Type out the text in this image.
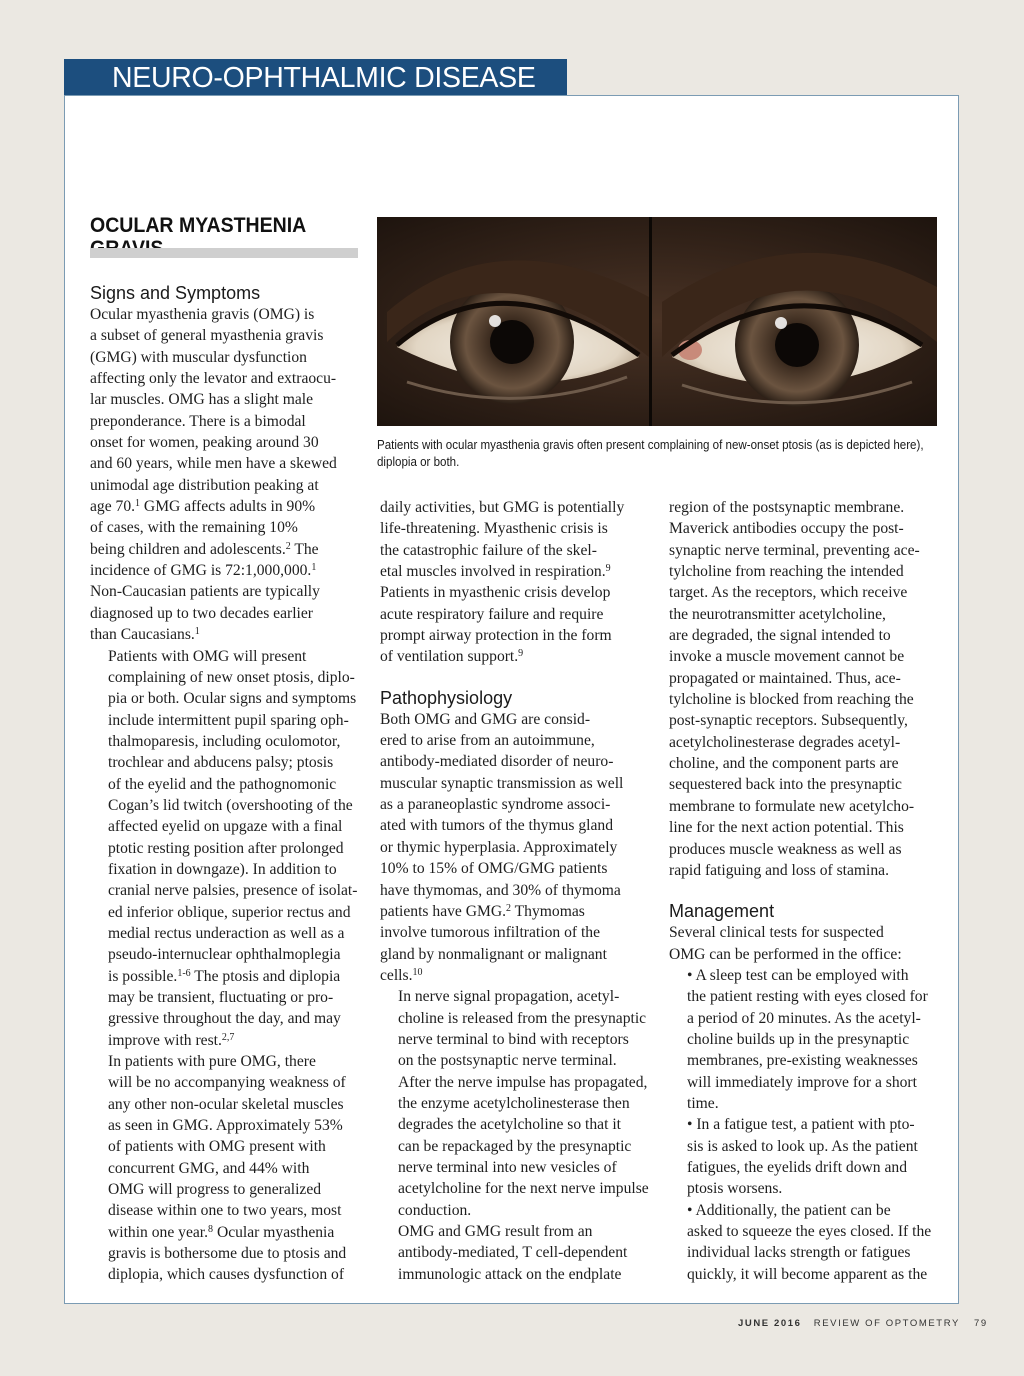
NEURO-OPHTHALMIC DISEASE
OCULAR MYASTHENIA
Patients with ocular myasthenia gravis often present complaining of new-onset ptosis (as is depicted here),
diplopia or both.
Signs and Symptoms

Ocular myasthenia gravis (OMG) is
a subset of general myasthenia gravis
(GMG) with muscular dysfunction
affecting only the levator and extraocu-
lar muscles. OMG has a slight male
preponderance. There is a bimodal
onset for women, peaking around 30
and 60 years, while men have a skewed
unimodal age distribution peaking at
age 70.$^1$ GMG affects adults in 90%
of cases, with the remaining 10%
being children and adolescents.$^2$ The
incidence of GMG is 72:1,000,000.$^1$
Non-Caucasian patients are typically
diagnosed up to two decades earlier
than Caucasians.$^1$

Patients with OMG will present
complaining of new onset ptosis, diplo-
pia or both. Ocular signs and symptoms
include intermittent pupil sparing oph-
thalmoparesis, including oculomotor,
trochlear and abducens palsy; ptosis
of the eyelid and the pathognomonic
Cogan’s lid twitch (overshooting of the
affected eyelid on upgaze with a final
ptotic resting position after prolonged
fixation in downgaze). In addition to
cranial nerve palsies, presence of isolat-
ed inferior oblique, superior rectus and
medial rectus underaction as well as a
pseudo-internuclear ophthalmoplegia
is possible.$^{1-6}$ The ptosis and diplopia
may be transient, fluctuating or pro-
gressive throughout the day, and may
improve with rest.$^{2,7}$

In patients with pure OMG, there
will be no accompanying weakness of
any other non-ocular skeletal muscles
as seen in GMG. Approximately 53%
of patients with OMG present with
concurrent GMG, and 44% with
OMG will progress to generalized
disease within one to two years, most
within one year.$^8$ Ocular myasthenia
gravis is bothersome due to ptosis and
diplopia, which causes dysfunction of

daily activities, but GMG is potentially
life-threatening. Myasthenic crisis is
the catastrophic failure of the skel-
etal muscles involved in respiration.$^9$
Patients in myasthenic crisis develop
acute respiratory failure and require
prompt airway protection in the form
of ventilation support.$^9$

Pathophysiology

Both OMG and GMG are consid-
ered to arise from an autoimmune,
antibody-mediated disorder of neuro-
muscular synaptic transmission as well
as a paraneoplastic syndrome associ-
ated with tumors of the thymus gland
or thymic hyperplasia. Approximately
10% to 15% of OMG/GMG patients
have thymomas, and 30% of thymoma
patients have GMG.$^2$ Thymomas
involve tumorous infiltration of the
gland by nonmalignant or malignant
cells.$^{10}$

In nerve signal propagation, acetyl-
choline is released from the presynaptic
nerve terminal to bind with receptors
on the postsynaptic nerve terminal.
After the nerve impulse has propagated,
the enzyme acetylcholinesterase then
degrades the acetylcholine so that it
can be repackaged by the presynaptic
nerve terminal into new vesicles of
acetylcholine for the next nerve impulse
conduction.

OMG and GMG result from an
antibody-mediated, T cell-dependent
immunologic attack on the endplate

region of the postsynaptic membrane.
Maverick antibodies occupy the post-
synaptic nerve terminal, preventing ace-
tylcholine from reaching the intended
target. As the receptors, which receive
the neurotransmitter acetylcholine,
are degraded, the signal intended to
invoke a muscle movement cannot be
propagated or maintained. Thus, ace-
tylcholine is blocked from reaching the
post-synaptic receptors. Subsequently,
acetylcholinesterase degrades acetyl-
choline, and the component parts are
sequestered back into the presynaptic
membrane to formulate new acetylcho-
line for the next action potential. This
produces muscle weakness as well as
rapid fatiguing and loss of stamina.

Management

Several clinical tests for suspected
OMG can be performed in the office:

• A sleep test can be employed with
the patient resting with eyes closed for
a period of 20 minutes. As the acetyl-
choline builds up in the presynaptic
membranes, pre-existing weaknesses
will immediately improve for a short
time.

• In a fatigue test, a patient with pto-
sis is asked to look up. As the patient
fatigues, the eyelids drift down and
ptosis worsens.

• Additionally, the patient can be
asked to squeeze the eyes closed. If the
individual lacks strength or fatigues
quickly, it will become apparent as the

JUNE 2016 REVIEW OF OPTOMETRY 79
